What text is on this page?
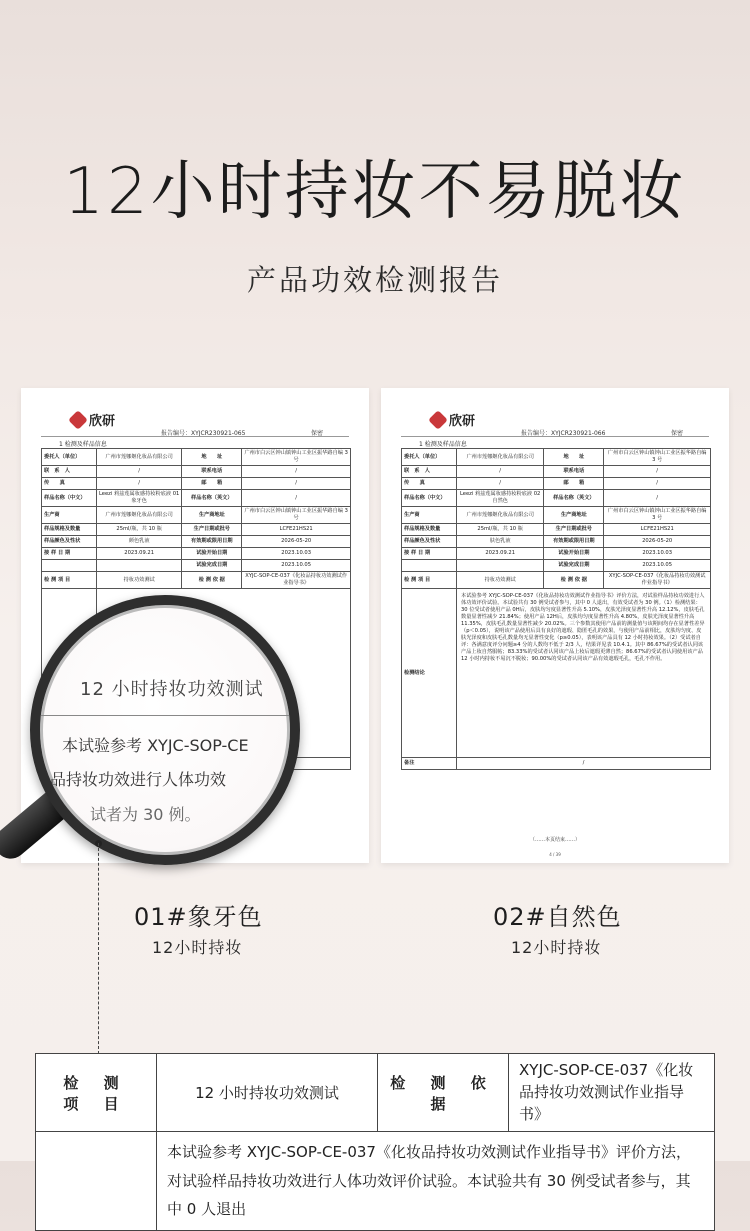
12小时持妆不易脱妆
产品功效检测报告
欣研
报告编号：XYJCR230921-065	保密
1 检测及样品信息
委托人（单位）	广州市莲娜姬化妆品有限公司	地　　址	广州市白云区钟山镇钟山工业区振华路自编 3 号
联　系　人	/	联系电话	/
传　　真	/	邮　　箱	/
样品名称（中文）	Leezi 莉兹莲属妆感持妆粉底液 01 象牙色	样品名称（英文）	/
生产商	广州市莲娜姬化妆品有限公司	生产商地址	广州市白云区钟山镇钟山工业区振华路自编 3 号
样品规格及数量	25ml/瓶，共 10 瓶	生产日期或批号	LCFE21HS21
样品颜色及性状	颜色乳液	有效期或限用日期	2026-05-20
接 样 日 期	2023.09.21	试验开始日期	2023.10.03
		试验完成日期	2023.10.05
检 测 项 目	持妆功效测试	检 测 依 据	XYJC-SOP-CE-037《化妆品持妆功效测试作业指导书》

欣研
报告编号：XYJCR230921-066	保密
1 检测及样品信息
委托人（单位）	广州市莲娜姬化妆品有限公司	地　　址	广州市白云区钟山镇钟山工业区振华路自编 3 号
联　系　人	/	联系电话	/
传　　真	/	邮　　箱	/
样品名称（中文）	Leezi 莉兹莲属妆感持妆粉底液 02 自然色	样品名称（英文）	/
生产商	广州市莲娜姬化妆品有限公司	生产商地址	广州市白云区钟山镇钟山工业区振华路自编 3 号
样品规格及数量	25ml/瓶，共 10 瓶	生产日期或批号	LCFE21HS21
样品颜色及性状	肤色乳液	有效期或限用日期	2026-05-20
接 样 日 期	2023.09.21	试验开始日期	2023.10.03
		试验完成日期	2023.10.05
检 测 项 目	持妆功效测试	检 测 依 据	XYJC-SOP-CE-037《化妆品持妆功效测试作业指导书》
检测结论	本试验参考 XYJC-SOP-CE-037《化妆品持妆功效测试作业指导书》评价方法，对试验样品持妆功效进行人体功效评价试验。本试验共有 30 例受试者参与，其中 0 人退出，有效受试者为 30 例。（1）检测结果：30 位受试者使用产品 0H后，皮肤均匀度显著性升高 5.10%，皮肤光泽度显著性升高 12.12%，皮肤毛孔数量显著性减少 21.84%；使用产品 12H后，皮肤均匀度显著性升高 4.80%，皮肤光泽度显著性升高 11.35%，皮肤毛孔数量显著性减少 20.02%。三个参数其使用产品前的测量值与该期间均存在显著性差异（p＜0.05），说明该产品使用后具有良好的遮瑕、隐匿毛孔的效果，与使用产品前相比，皮肤均匀度、皮肤光泽度和皮肤毛孔数量均无显著性变化（p≥0.05），表明该产品具有 12 小时持妆效果。（2）受试者自评：各满意度评分问题≥4 分的人数均不低于 2/3 人，结果详见表 10.4.1。其中 86.67%的受试者认同该产品上妆自然服帖；83.33%的受试者认同该产品上妆后遮瑕更薄自然；86.67%的受试者认同使用该产品 12 小时内持妆不易沉不脱妆；90.00%的受试者认同该产品有效遮瑕毛孔，毛孔不作用。		
备注	/		
（……本页结束……）
4 / 39
12 小时持妆功效测试
本试验参考 XYJC-SOP-CE
品持妆功效进行人体功效
试者为 30 例。
01#象牙色
12小时持妆
02#自然色
12小时持妆
检 测 项 目	12 小时持妆功效测试	检 测 依 据	XYJC-SOP-CE-037《化妆品持妆功效测试作业指导书》
	本试验参考 XYJC-SOP-CE-037《化妆品持妆功效测试作业指导书》评价方法，对试验样品持妆功效进行人体功效评价试验。本试验共有 30 例受试者参与，其中 0 人退出		
